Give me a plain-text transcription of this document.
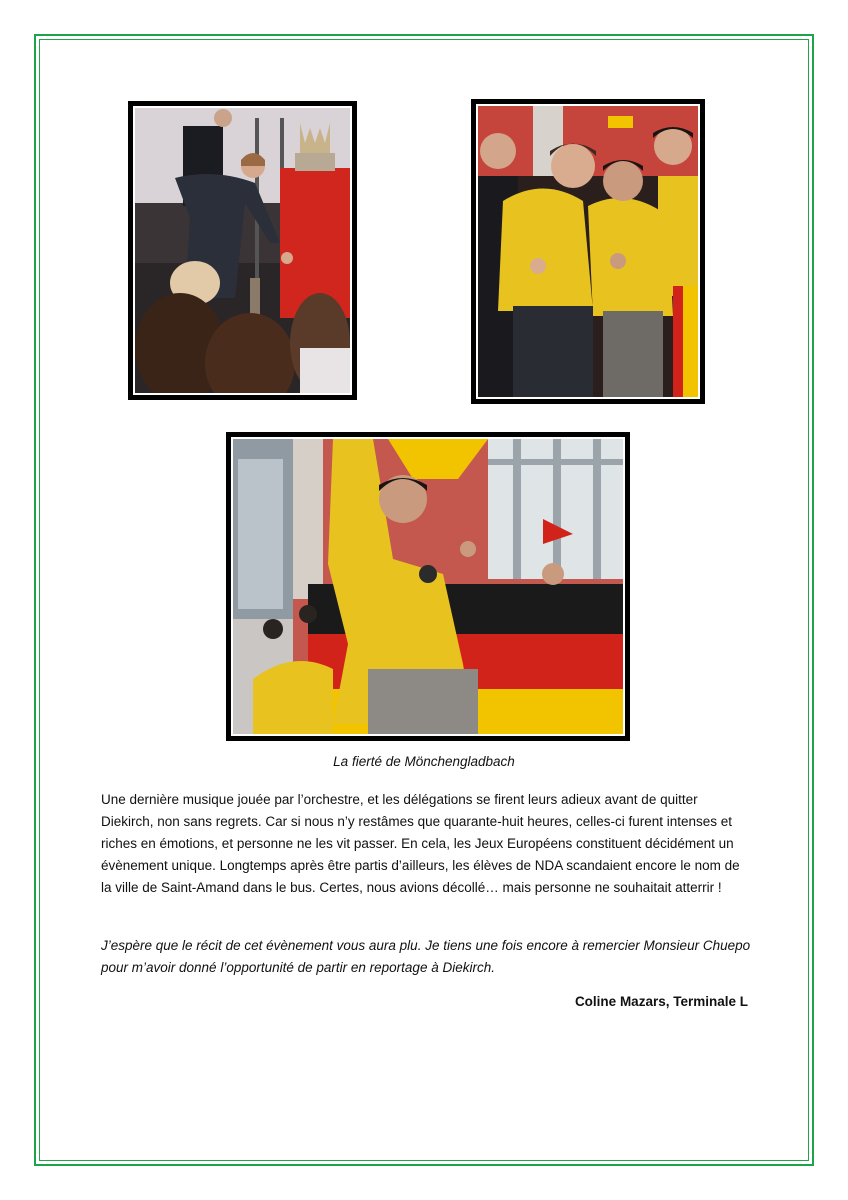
La fierté de Mönchengladbach

Une dernière musique jouée par l’orchestre, et les délégations se firent leurs adieux avant de quitter Diekirch, non sans regrets. Car si nous n’y restâmes que quarante-huit heures, celles-ci furent intenses et riches en émotions, et personne ne les vit passer. En cela, les Jeux Européens constituent décidément un évènement unique. Longtemps après être partis d’ailleurs, les élèves de NDA scandaient encore le nom de la ville de Saint-Amand dans le bus. Certes, nous avions décollé… mais personne ne souhaitait atterrir !

J’espère que le récit de cet évènement vous aura plu. Je tiens une fois encore à remercier Monsieur Chuepo pour m’avoir donné l’opportunité de partir en reportage à Diekirch.

Coline Mazars, Terminale L
